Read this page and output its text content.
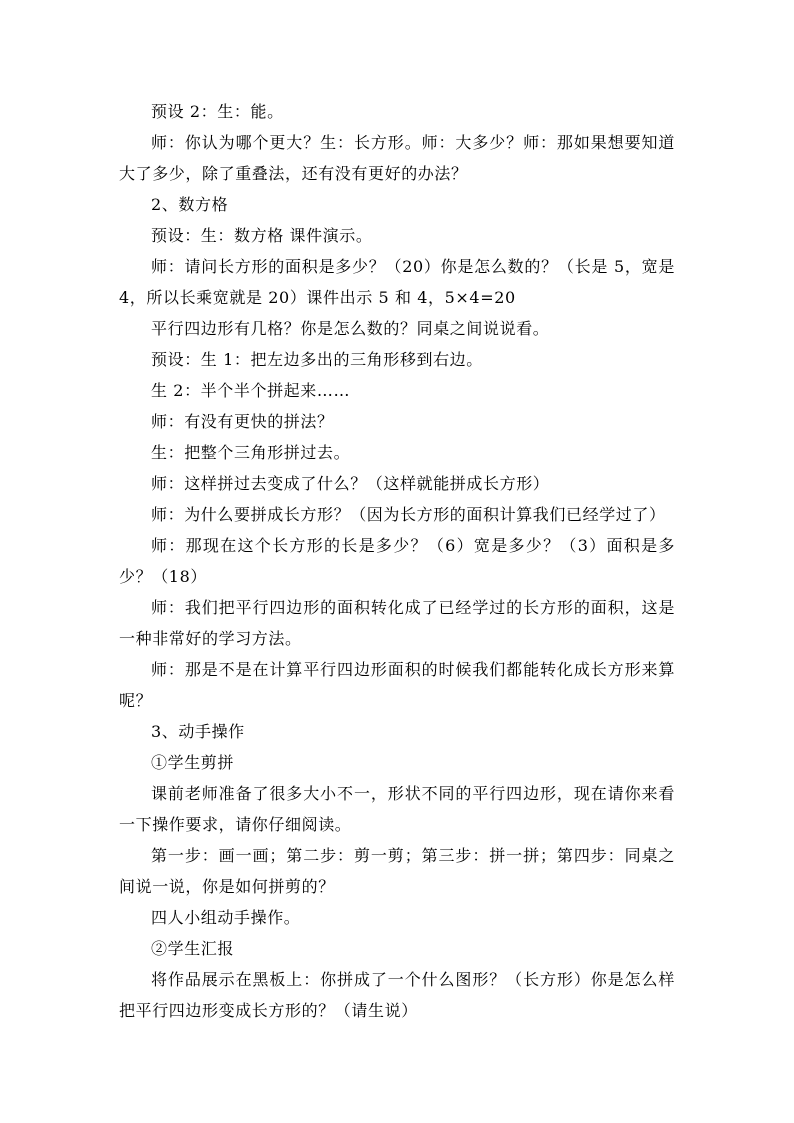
预设 2：生：能。

师：你认为哪个更大？生：长方形。师：大多少？师：那如果想要知道大了多少，除了重叠法，还有没有更好的办法？

2、数方格

预设：生：数方格 课件演示。

师：请问长方形的面积是多少？（20）你是怎么数的？（长是 5，宽是 4，所以长乘宽就是 20）课件出示 5 和 4，5×4=20

平行四边形有几格？你是怎么数的？同桌之间说说看。

预设：生 1：把左边多出的三角形移到右边。

生 2：半个半个拼起来……

师：有没有更快的拼法？

生：把整个三角形拼过去。

师：这样拼过去变成了什么？（这样就能拼成长方形）

师：为什么要拼成长方形？（因为长方形的面积计算我们已经学过了）

师：那现在这个长方形的长是多少？（6）宽是多少？（3）面积是多少？（18）

师：我们把平行四边形的面积转化成了已经学过的长方形的面积，这是一种非常好的学习方法。

师：那是不是在计算平行四边形面积的时候我们都能转化成长方形来算呢？

3、动手操作

①学生剪拼

课前老师准备了很多大小不一，形状不同的平行四边形，现在请你来看一下操作要求，请你仔细阅读。

第一步：画一画；第二步：剪一剪；第三步：拼一拼；第四步：同桌之间说一说，你是如何拼剪的？

四人小组动手操作。

②学生汇报

将作品展示在黑板上：你拼成了一个什么图形？（长方形）你是怎么样把平行四边形变成长方形的？（请生说）
